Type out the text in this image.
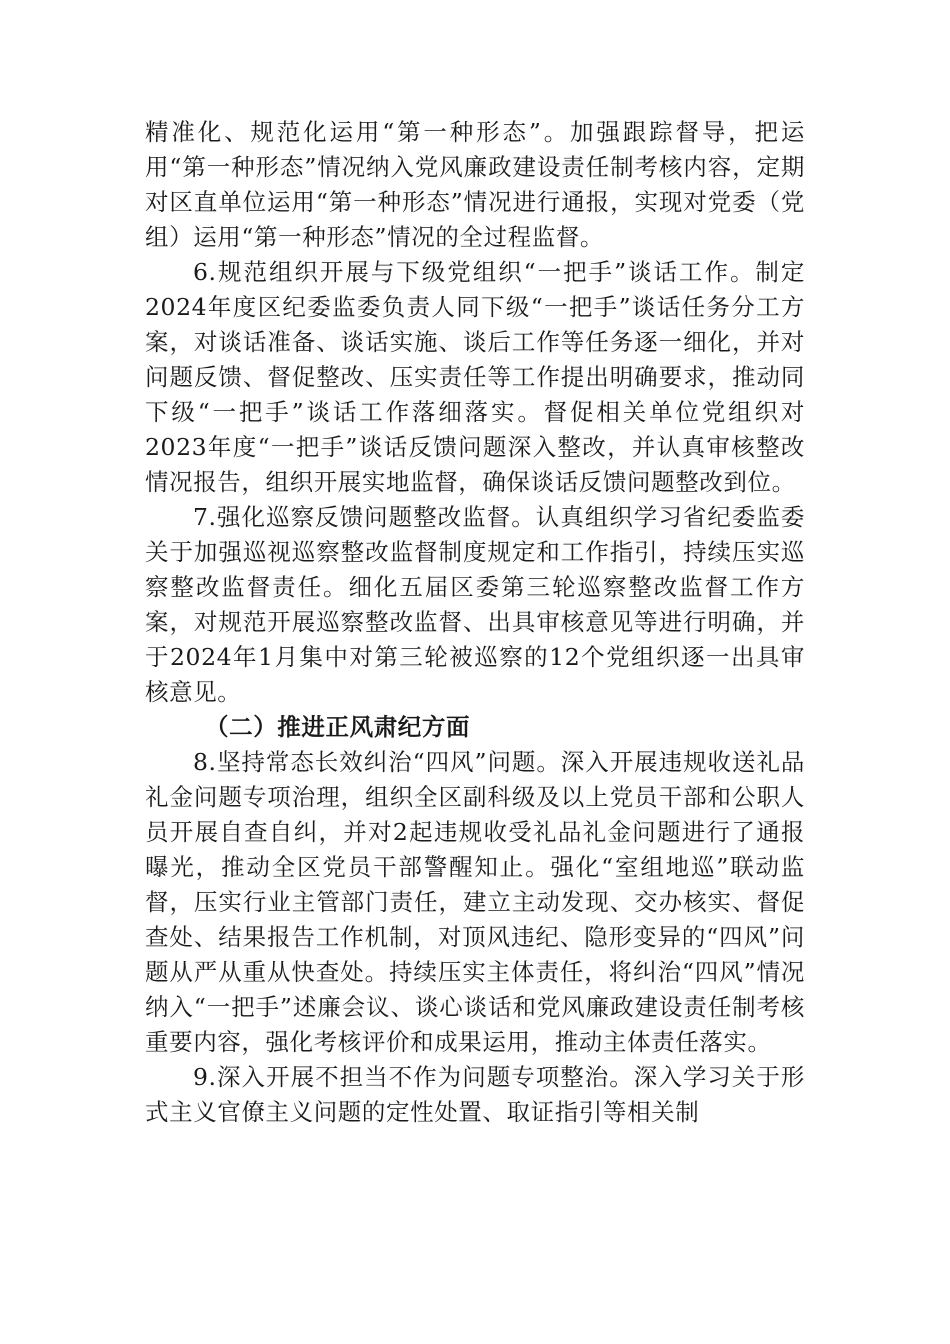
精准化、规范化运用“第一种形态”。加强跟踪督导，把运用“第一种形态”情况纳入党风廉政建设责任制考核内容，定期对区直单位运用“第一种形态”情况进行通报，实现对党委（党组）运用“第一种形态”情况的全过程监督。

6.规范组织开展与下级党组织“一把手”谈话工作。制定2024年度区纪委监委负责人同下级“一把手”谈话任务分工方案，对谈话准备、谈话实施、谈后工作等任务逐一细化，并对问题反馈、督促整改、压实责任等工作提出明确要求，推动同下级“一把手”谈话工作落细落实。督促相关单位党组织对2023年度“一把手”谈话反馈问题深入整改，并认真审核整改情况报告，组织开展实地监督，确保谈话反馈问题整改到位。

7.强化巡察反馈问题整改监督。认真组织学习省纪委监委关于加强巡视巡察整改监督制度规定和工作指引，持续压实巡察整改监督责任。细化五届区委第三轮巡察整改监督工作方案，对规范开展巡察整改监督、出具审核意见等进行明确，并于2024年1月集中对第三轮被巡察的12个党组织逐一出具审核意见。

（二）推进正风肃纪方面

8.坚持常态长效纠治“四风”问题。深入开展违规收送礼品礼金问题专项治理，组织全区副科级及以上党员干部和公职人员开展自查自纠，并对2起违规收受礼品礼金问题进行了通报曝光，推动全区党员干部警醒知止。强化“室组地巡”联动监督，压实行业主管部门责任，建立主动发现、交办核实、督促查处、结果报告工作机制，对顶风违纪、隐形变异的“四风”问题从严从重从快查处。持续压实主体责任，将纠治“四风”情况纳入“一把手”述廉会议、谈心谈话和党风廉政建设责任制考核重要内容，强化考核评价和成果运用，推动主体责任落实。

9.深入开展不担当不作为问题专项整治。深入学习关于形式主义官僚主义问题的定性处置、取证指引等相关制
